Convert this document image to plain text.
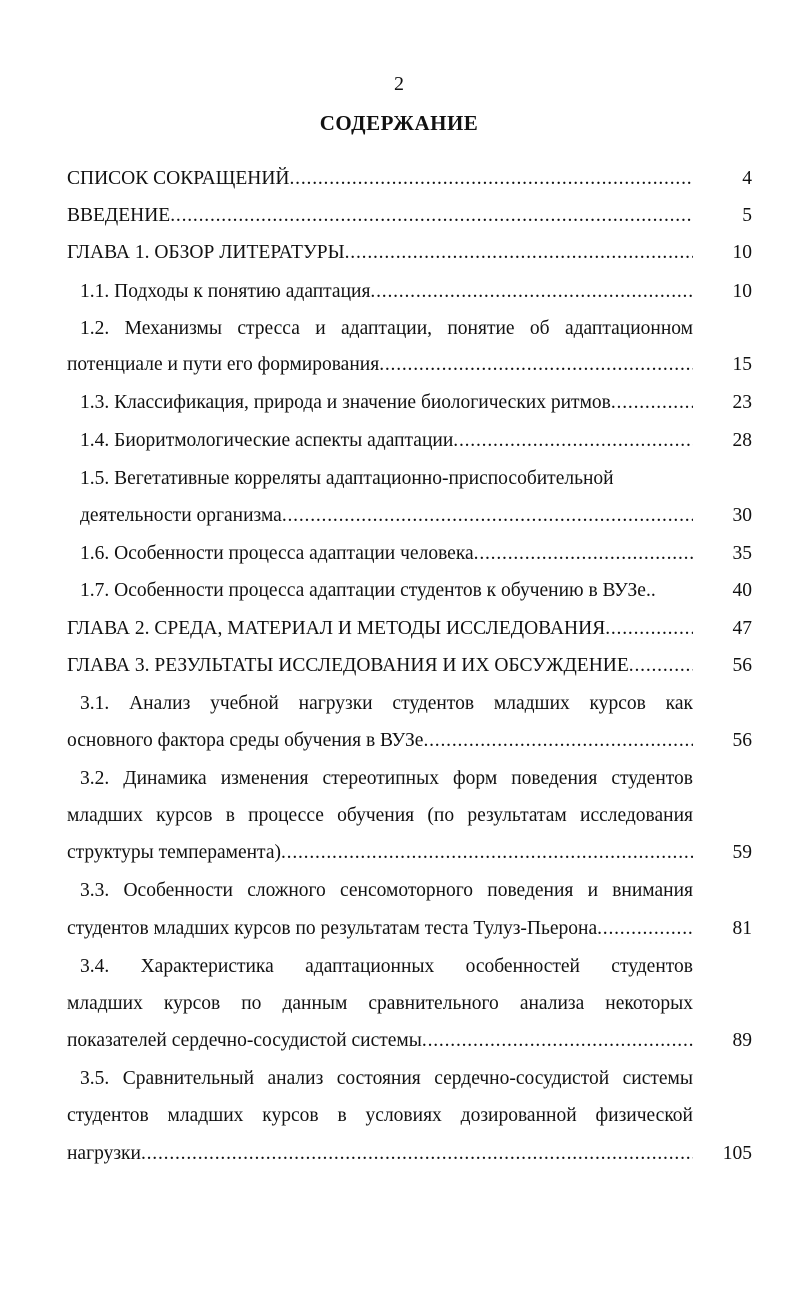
2
СОДЕРЖАНИЕ
СПИСОК СОКРАЩЕНИЙ .....	4
ВВЕДЕНИЕ .....	5
ГЛАВА 1. ОБЗОР ЛИТЕРАТУРЫ .....	10
1.1. Подходы к понятию адаптация .....	10
1.2. Механизмы стресса и адаптации, понятие об адаптационном
потенциале и пути его формирования .....	15
1.3. Классификация, природа и значение биологических ритмов .....	23
1.4. Биоритмологические аспекты адаптации .....	28
1.5. Вегетативные корреляты адаптационно-приспособительной
деятельности организма .....	30
1.6. Особенности процесса адаптации человека .....	35
1.7. Особенности процесса адаптации студентов к обучению в ВУЗе..	40
ГЛАВА 2. СРЕДА, МАТЕРИАЛ И МЕТОДЫ ИССЛЕДОВАНИЯ .....	47
ГЛАВА 3. РЕЗУЛЬТАТЫ ИССЛЕДОВАНИЯ И ИХ ОБСУЖДЕНИЕ .....	56
3.1. Анализ учебной нагрузки студентов младших курсов как
основного фактора среды обучения в ВУЗе .....	56
3.2. Динамика изменения стереотипных форм поведения студентов
младших курсов в процессе обучения (по результатам исследования
структуры темперамента) .....	59
3.3. Особенности сложного сенсомоторного поведения и внимания
студентов младших курсов по результатам теста Тулуз-Пьерона .....	81
3.4. Характеристика адаптационных особенностей студентов
младших курсов по данным сравнительного анализа некоторых
показателей сердечно-сосудистой системы .....	89
3.5. Сравнительный анализ состояния сердечно-сосудистой системы
студентов младших курсов в условиях дозированной физической
нагрузки .....	105
